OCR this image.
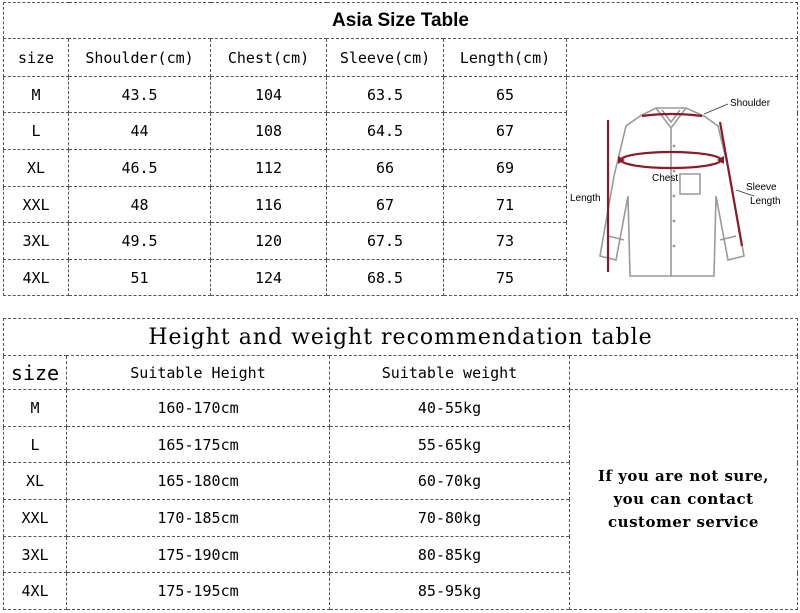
Asia Size Table					
size	Shoulder(cm)	Chest(cm)	Sleeve(cm)	Length(cm)	
M	43.5	104	63.5	65	Shoulder
Sleeve
Length
Chest
Length

L	44	108	64.5	67	
XL	46.5	112	66	69	
XXL	48	116	67	71	
3XL	49.5	120	67.5	73	
4XL	51	124	68.5	75	
Height and weight recommendation table			
size	Suitable Height	Suitable weight	
M	160-170cm	40-55kg	If you are not sure,
you can contact
customer service

L	165-175cm	55-65kg	
XL	165-180cm	60-70kg	
XXL	170-185cm	70-80kg	
3XL	175-190cm	80-85kg	
4XL	175-195cm	85-95kg	
